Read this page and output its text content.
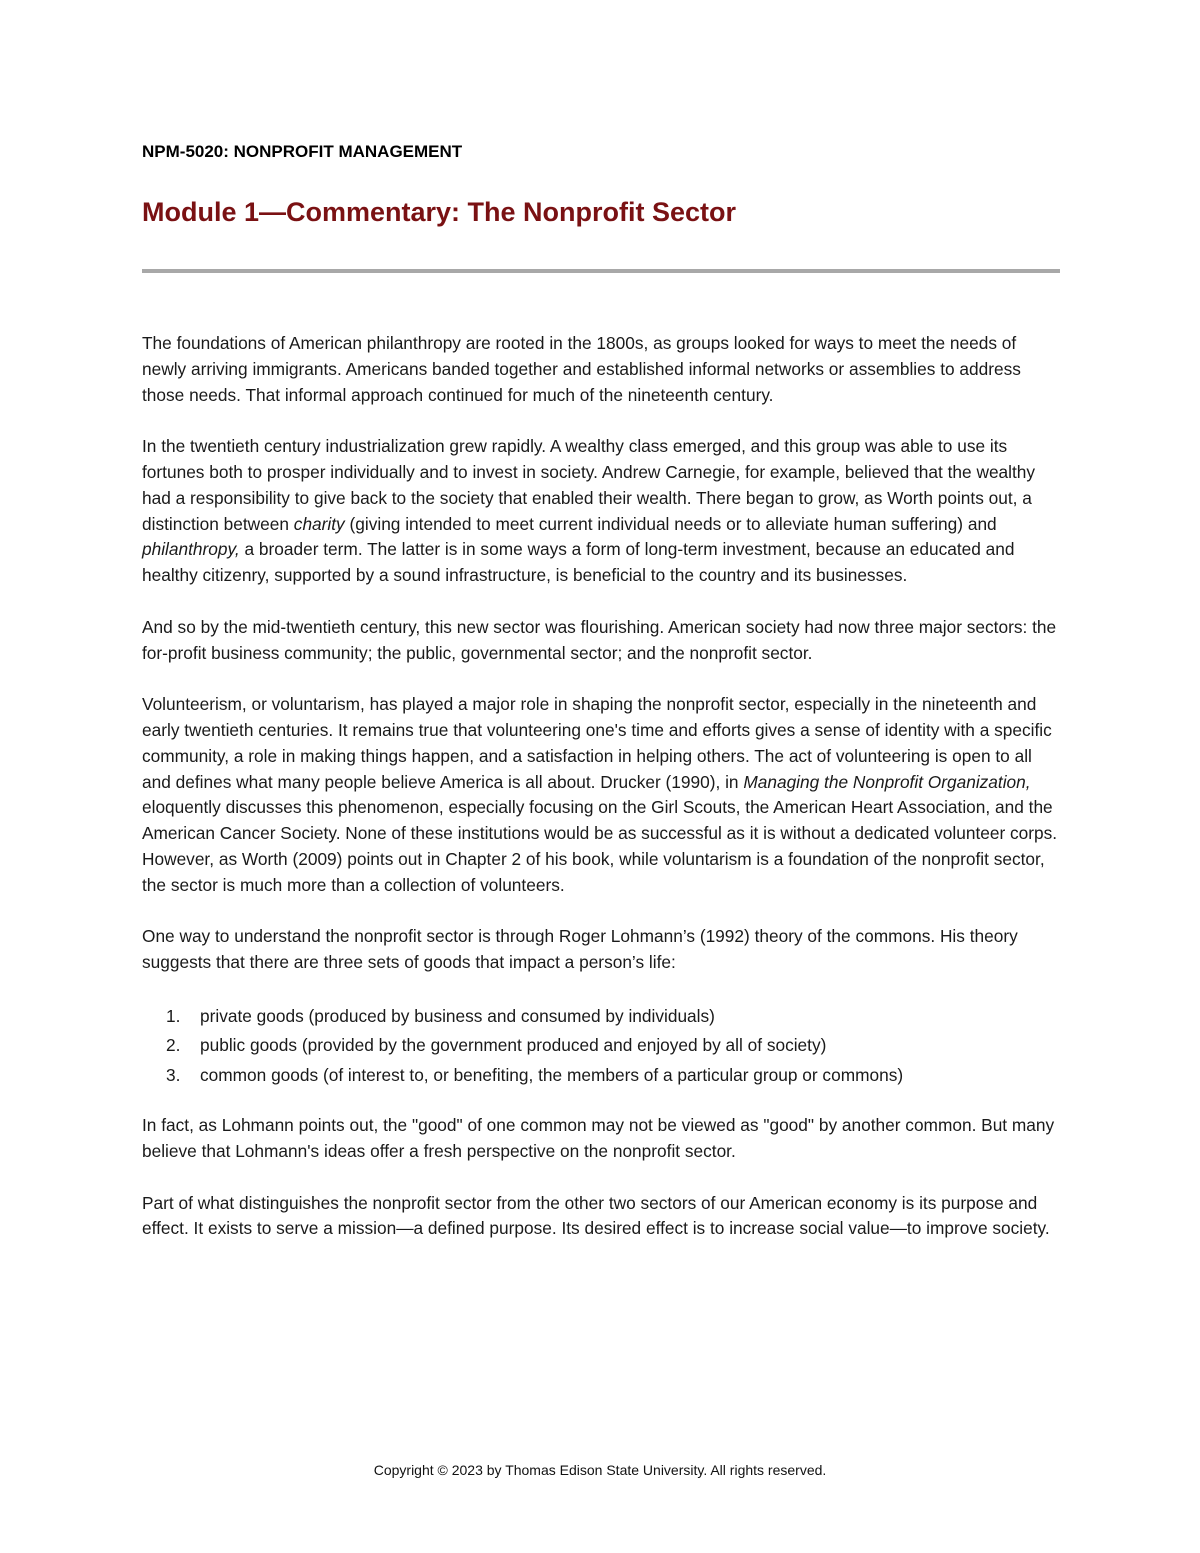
NPM-5020: NONPROFIT MANAGEMENT

Module 1—Commentary: The Nonprofit Sector

The foundations of American philanthropy are rooted in the 1800s, as groups looked for ways to meet the needs of newly arriving immigrants. Americans banded together and established informal networks or assemblies to address those needs. That informal approach continued for much of the nineteenth century.

In the twentieth century industrialization grew rapidly. A wealthy class emerged, and this group was able to use its fortunes both to prosper individually and to invest in society. Andrew Carnegie, for example, believed that the wealthy had a responsibility to give back to the society that enabled their wealth. There began to grow, as Worth points out, a distinction between charity (giving intended to meet current individual needs or to alleviate human suffering) and philanthropy, a broader term. The latter is in some ways a form of long-term investment, because an educated and healthy citizenry, supported by a sound infrastructure, is beneficial to the country and its businesses.

And so by the mid-twentieth century, this new sector was flourishing. American society had now three major sectors: the for-profit business community; the public, governmental sector; and the nonprofit sector.

Volunteerism, or voluntarism, has played a major role in shaping the nonprofit sector, especially in the nineteenth and early twentieth centuries. It remains true that volunteering one's time and efforts gives a sense of identity with a specific community, a role in making things happen, and a satisfaction in helping others. The act of volunteering is open to all and defines what many people believe America is all about. Drucker (1990), in Managing the Nonprofit Organization, eloquently discusses this phenomenon, especially focusing on the Girl Scouts, the American Heart Association, and the American Cancer Society. None of these institutions would be as successful as it is without a dedicated volunteer corps. However, as Worth (2009) points out in Chapter 2 of his book, while voluntarism is a foundation of the nonprofit sector, the sector is much more than a collection of volunteers.

One way to understand the nonprofit sector is through Roger Lohmann’s (1992) theory of the commons. His theory suggests that there are three sets of goods that impact a person’s life:

1. private goods (produced by business and consumed by individuals)
2. public goods (provided by the government produced and enjoyed by all of society)
3. common goods (of interest to, or benefiting, the members of a particular group or commons)

In fact, as Lohmann points out, the "good" of one common may not be viewed as "good" by another common. But many believe that Lohmann's ideas offer a fresh perspective on the nonprofit sector.

Part of what distinguishes the nonprofit sector from the other two sectors of our American economy is its purpose and effect. It exists to serve a mission—a defined purpose. Its desired effect is to increase social value—to improve society.

Copyright © 2023 by Thomas Edison State University. All rights reserved.
